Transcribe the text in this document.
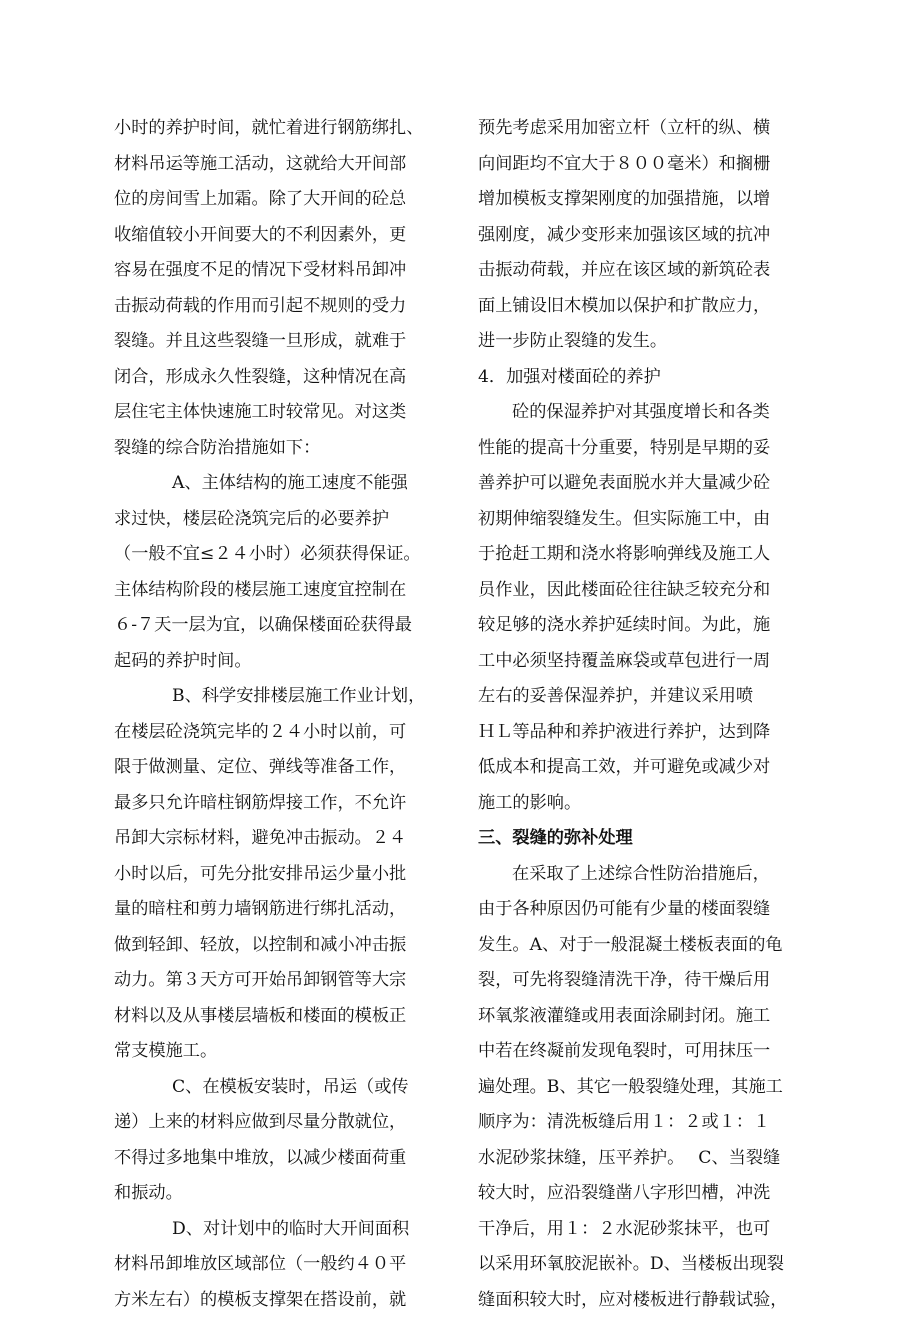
小时的养护时间，就忙着进行钢筋绑扎、
材料吊运等施工活动，这就给大开间部
位的房间雪上加霜。除了大开间的砼总
收缩值较小开间要大的不利因素外，更
容易在强度不足的情况下受材料吊卸冲
击振动荷载的作用而引起不规则的受力
裂缝。并且这些裂缝一旦形成，就难于
闭合，形成永久性裂缝，这种情况在高
层住宅主体快速施工时较常见。对这类
裂缝的综合防治措施如下：
A、主体结构的施工速度不能强
求过快，楼层砼浇筑完后的必要养护
（一般不宜≤２４小时）必须获得保证。
主体结构阶段的楼层施工速度宜控制在
６-７天一层为宜，以确保楼面砼获得最
起码的养护时间。
B、科学安排楼层施工作业计划，
在楼层砼浇筑完毕的２４小时以前，可
限于做测量、定位、弹线等准备工作，
最多只允许暗柱钢筋焊接工作，不允许
吊卸大宗标材料，避免冲击振动。２４
小时以后，可先分批安排吊运少量小批
量的暗柱和剪力墙钢筋进行绑扎活动，
做到轻卸、轻放，以控制和减小冲击振
动力。第３天方可开始吊卸钢管等大宗
材料以及从事楼层墙板和楼面的模板正
常支模施工。
C、在模板安装时，吊运（或传
递）上来的材料应做到尽量分散就位，
不得过多地集中堆放，以减少楼面荷重
和振动。
D、对计划中的临时大开间面积
材料吊卸堆放区域部位（一般约４０平
方米左右）的模板支撑架在搭设前，就
预先考虑采用加密立杆（立杆的纵、横
向间距均不宜大于８００毫米）和搁栅
增加模板支撑架刚度的加强措施，以增
强刚度，减少变形来加强该区域的抗冲
击振动荷载，并应在该区域的新筑砼表
面上铺设旧木模加以保护和扩散应力，
进一步防止裂缝的发生。
4．加强对楼面砼的养护
砼的保湿养护对其强度增长和各类
性能的提高十分重要，特别是早期的妥
善养护可以避免表面脱水并大量减少砼
初期伸缩裂缝发生。但实际施工中，由
于抢赶工期和浇水将影响弹线及施工人
员作业，因此楼面砼往往缺乏较充分和
较足够的浇水养护延续时间。为此，施
工中必须坚持覆盖麻袋或草包进行一周
左右的妥善保湿养护，并建议采用喷
ＨＬ等品种和养护液进行养护，达到降
低成本和提高工效，并可避免或减少对
施工的影响。
三、裂缝的弥补处理
在采取了上述综合性防治措施后，
由于各种原因仍可能有少量的楼面裂缝
发生。A、对于一般混凝土楼板表面的龟
裂，可先将裂缝清洗干净，待干燥后用
环氧浆液灌缝或用表面涂刷封闭。施工
中若在终凝前发现龟裂时，可用抹压一
遍处理。B、其它一般裂缝处理，其施工
顺序为：清洗板缝后用１：２或１：１
水泥砂浆抹缝，压平养护。　 C、当裂缝
较大时，应沿裂缝凿八字形凹槽，冲洗
干净后，用１：２水泥砂浆抹平，也可
以采用环氧胶泥嵌补。D、当楼板出现裂
缝面积较大时，应对楼板进行静载试验，
